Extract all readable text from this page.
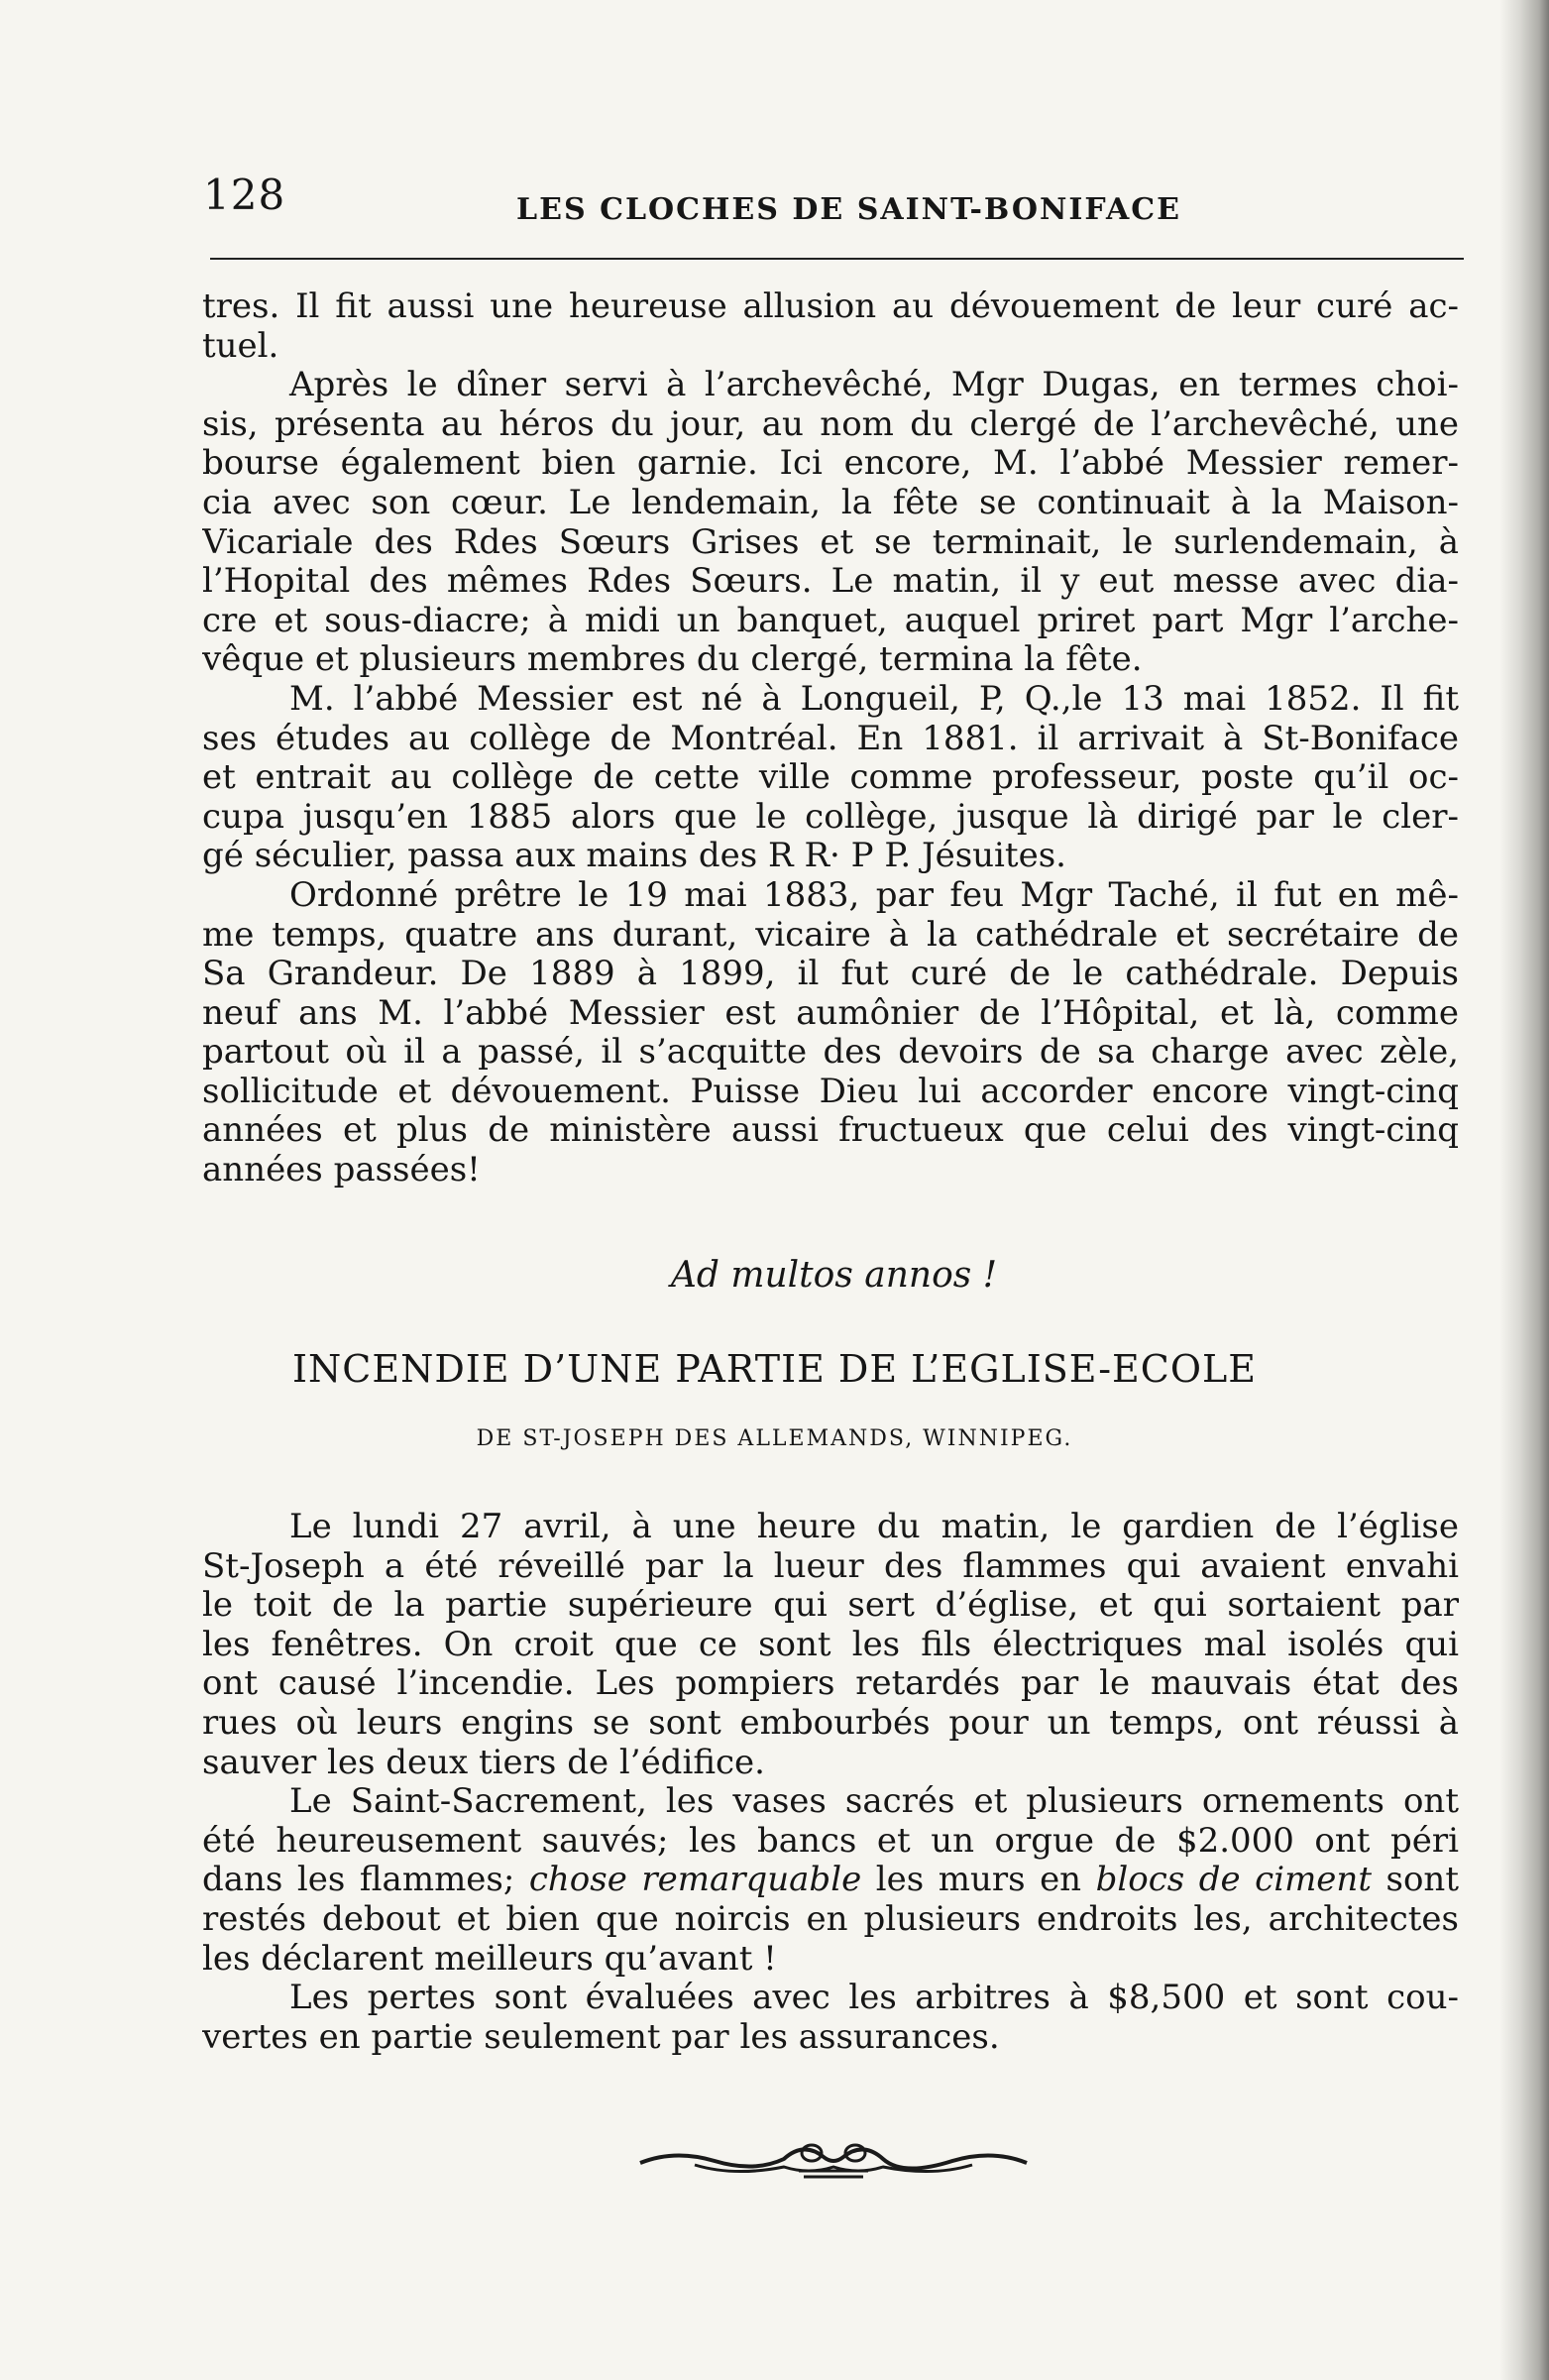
128	LES CLOCHES DE SAINT-BONIFACE
tres. Il fit aussi une heureuse allusion au dévouement de leur curé ac-
tuel.
Après le dîner servi à l’archevêché, Mgr Dugas, en termes choi-
sis, présenta au héros du jour, au nom du clergé de l’archevêché, une
bourse également bien garnie. Ici encore, M. l’abbé Messier remer-
cia avec son cœur. Le lendemain, la fête se continuait à la Maison-
Vicariale des Rdes Sœurs Grises et se terminait, le surlendemain, à
l’Hopital des mêmes Rdes Sœurs. Le matin, il y eut messe avec dia-
cre et sous-diacre; à midi un banquet, auquel priret part Mgr l’arche-
vêque et plusieurs membres du clergé, termina la fête.
M. l’abbé Messier est né à Longueil, P, Q.,le 13 mai 1852. Il fit
ses études au collège de Montréal. En 1881. il arrivait à St-Boniface
et entrait au collège de cette ville comme professeur, poste qu’il oc-
cupa jusqu’en 1885 alors que le collège, jusque là dirigé par le cler-
gé séculier, passa aux mains des R R· P P. Jésuites.
Ordonné prêtre le 19 mai 1883, par feu Mgr Taché, il fut en mê-
me temps, quatre ans durant, vicaire à la cathédrale et secrétaire de
Sa Grandeur. De 1889 à 1899, il fut curé de le cathédrale. Depuis
neuf ans M. l’abbé Messier est aumônier de l’Hôpital, et là, comme
partout où il a passé, il s’acquitte des devoirs de sa charge avec zèle,
sollicitude et dévouement. Puisse Dieu lui accorder encore vingt-cinq
années et plus de ministère aussi fructueux que celui des vingt-cinq
années passées!
Ad multos annos !
INCENDIE D’UNE PARTIE DE L’EGLISE-ECOLE
DE ST-JOSEPH DES ALLEMANDS, WINNIPEG.
Le lundi 27 avril, à une heure du matin, le gardien de l’église
St-Joseph a été réveillé par la lueur des flammes qui avaient envahi
le toit de la partie supérieure qui sert d’église, et qui sortaient par
les fenêtres. On croit que ce sont les fils électriques mal isolés qui
ont causé l’incendie. Les pompiers retardés par le mauvais état des
rues où leurs engins se sont embourbés pour un temps, ont réussi à
sauver les deux tiers de l’édifice.
Le Saint-Sacrement, les vases sacrés et plusieurs ornements ont
été heureusement sauvés; les bancs et un orgue de $2.000 ont péri
dans les flammes; chose remarquable les murs en blocs de ciment sont
restés debout et bien que noircis en plusieurs endroits les, architectes
les déclarent meilleurs qu’avant !
Les pertes sont évaluées avec les arbitres à $8,500 et sont cou-
vertes en partie seulement par les assurances.
